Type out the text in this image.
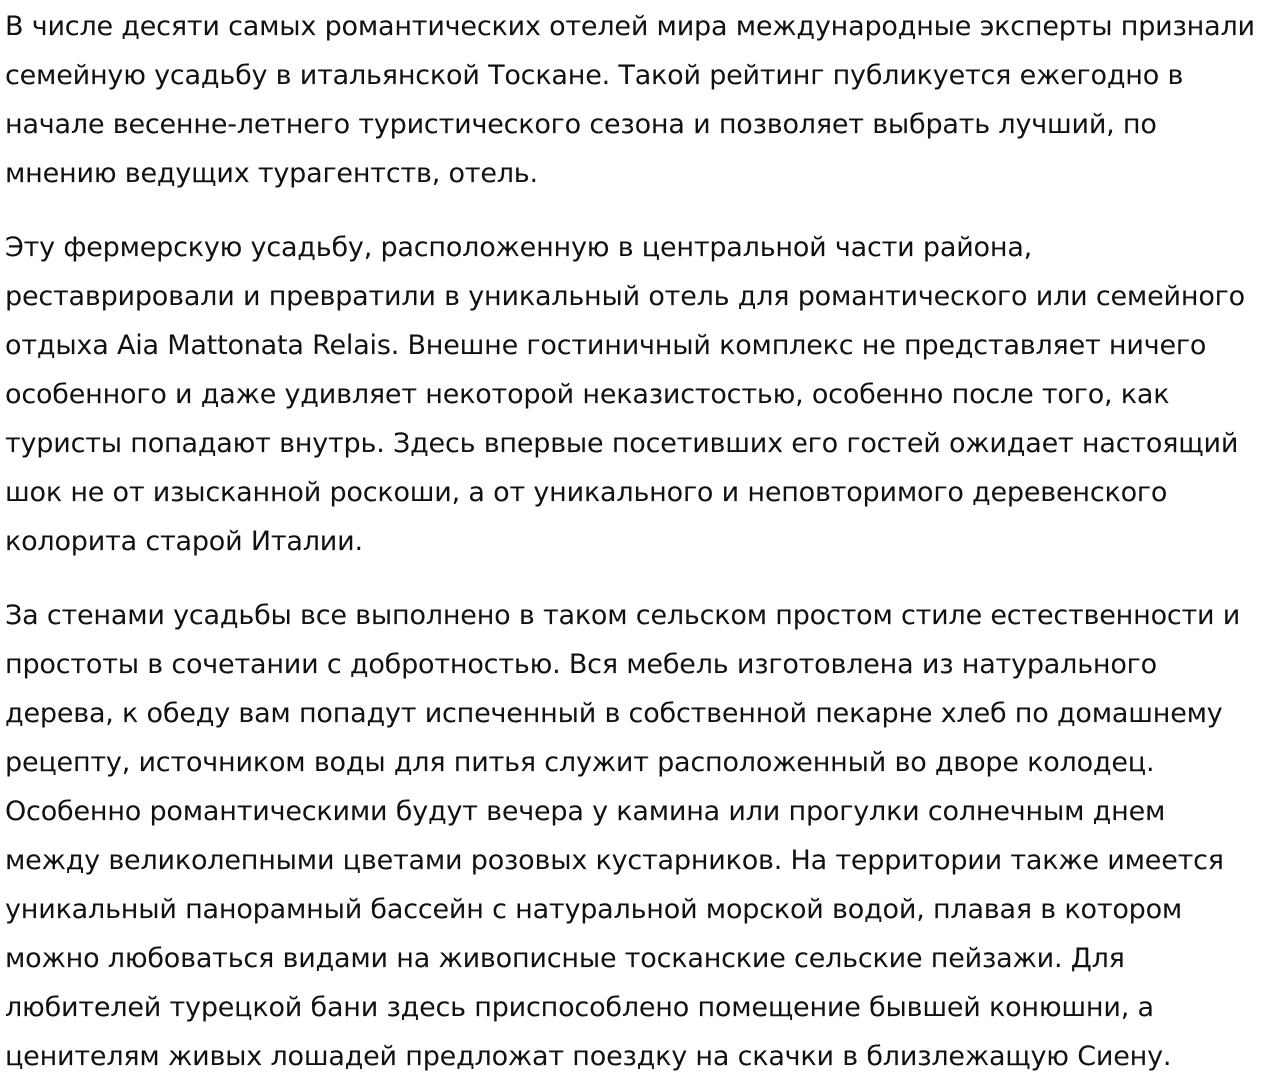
В числе десяти самых романтических отелей мира международные эксперты признали семейную усадьбу в итальянской Тоскане. Такой рейтинг публикуется ежегодно в начале весенне-летнего туристического сезона и позволяет выбрать лучший, по мнению ведущих турагентств, отель.

Эту фермерскую усадьбу, расположенную в центральной части района, реставрировали и превратили в уникальный отель для романтического или семейного отдыха Aia Mattonata Relais. Внешне гостиничный комплекс не представляет ничего особенного и даже удивляет некоторой неказистостью, особенно после того, как туристы попадают внутрь. Здесь впервые посетивших его гостей ожидает настоящий шок не от изысканной роскоши, а от уникального и неповторимого деревенского колорита старой Италии.

За стенами усадьбы все выполнено в таком сельском простом стиле естественности и простоты в сочетании с добротностью. Вся мебель изготовлена из натурального дерева, к обеду вам попадут испеченный в собственной пекарне хлеб по домашнему рецепту, источником воды для питья служит расположенный во дворе колодец. Особенно романтическими будут вечера у камина или прогулки солнечным днем между великолепными цветами розовых кустарников. На территории также имеется уникальный панорамный бассейн с натуральной морской водой, плавая в котором можно любоваться видами на живописные тосканские сельские пейзажи. Для любителей турецкой бани здесь приспособлено помещение бывшей конюшни, а ценителям живых лошадей предложат поездку на скачки в близлежащую Сиену.
